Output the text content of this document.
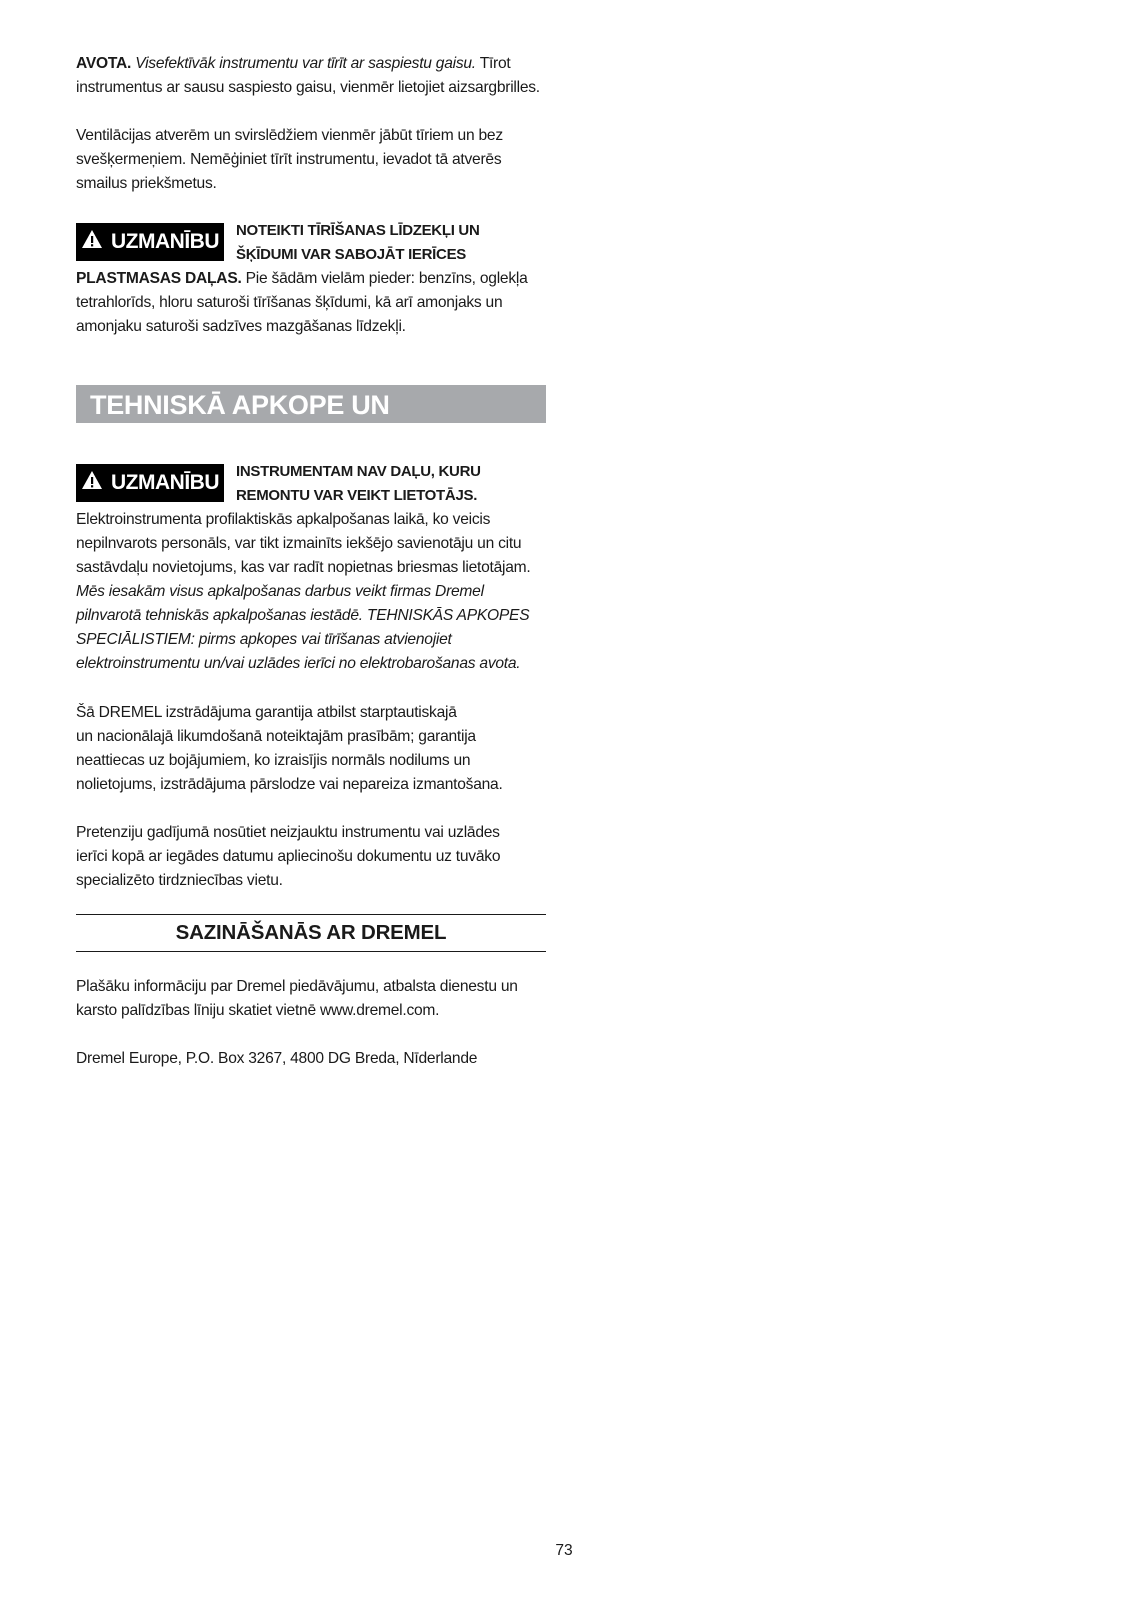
AVOTA. Visefektīvāk instrumentu var tīrīt ar saspiestu gaisu. Tīrot
instrumentus ar sausu saspiesto gaisu, vienmēr lietojiet aizsargbrilles.

Ventilācijas atverēm un svirslēdžiem vienmēr jābūt tīriem un bez
svešķermeņiem. Nemēģiniet tīrīt instrumentu, ievadot tā atverēs
smailus priekšmetus.

UZMANĪBU NOTEIKTI TĪRĪŠANAS LĪDZEKĻI UN
ŠĶĪDUMI VAR SABOJĀT IERĪCES

PLASTMASAS DAĻAS. Pie šādām vielām pieder: benzīns, oglekļa
tetrahlorīds, hloru saturoši tīrīšanas šķīdumi, kā arī amonjaks un
amonjaku saturoši sadzīves mazgāšanas līdzekļi.

TEHNISKĀ APKOPE UN GARANTIJA
UZMANĪBU INSTRUMENTAM NAV DAĻU, KURU
REMONTU VAR VEIKT LIETOTĀJS.

Elektroinstrumenta profilaktiskās apkalpošanas laikā, ko veicis
nepilnvarots personāls, var tikt izmainīts iekšējo savienotāju un citu
sastāvdaļu novietojums, kas var radīt nopietnas briesmas lietotājam.
Mēs iesakām visus apkalpošanas darbus veikt firmas Dremel
pilnvarotā tehniskās apkalpošanas iestādē. TEHNISKĀS APKOPES
SPECIĀLISTIEM: pirms apkopes vai tīrīšanas atvienojiet
elektroinstrumentu un/vai uzlādes ierīci no elektrobarošanas avota.

Šā DREMEL izstrādājuma garantija atbilst starptautiskajā
un nacionālajā likumdošanā noteiktajām prasībām; garantija
neattiecas uz bojājumiem, ko izraisījis normāls nodilums un
nolietojums, izstrādājuma pārslodze vai nepareiza izmantošana.

Pretenziju gadījumā nosūtiet neizjauktu instrumentu vai uzlādes
ierīci kopā ar iegādes datumu apliecinošu dokumentu uz tuvāko
specializēto tirdzniecības vietu.

SAZINĀŠANĀS AR DREMEL

Plašāku informāciju par Dremel piedāvājumu, atbalsta dienestu un
karsto palīdzības līniju skatiet vietnē www.dremel.com.

Dremel Europe, P.O. Box 3267, 4800 DG Breda, Nīderlande

73
